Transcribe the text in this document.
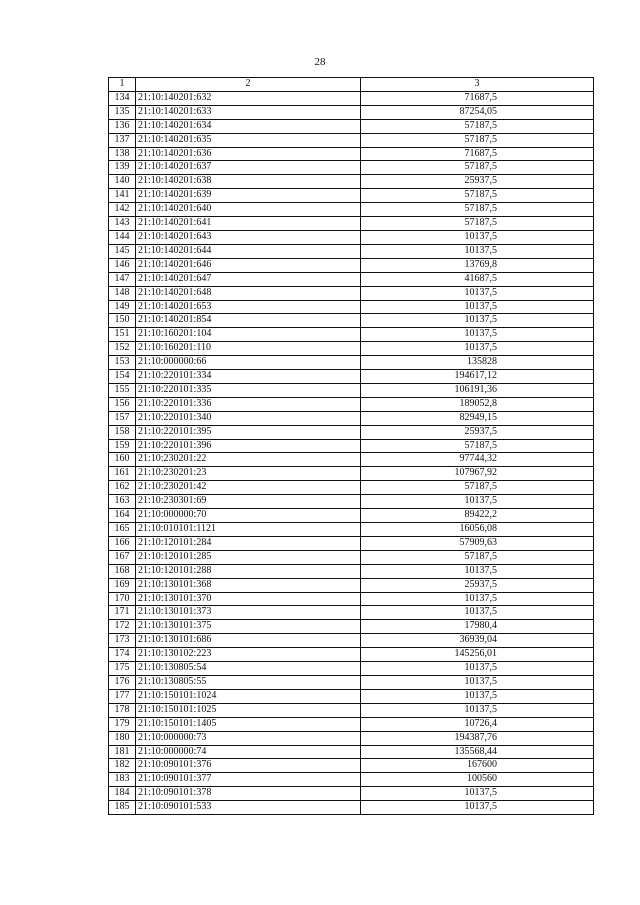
28
1	2	3
134	21:10:140201:632	71687,5
135	21:10:140201:633	87254,05
136	21:10:140201:634	57187,5
137	21:10:140201:635	57187,5
138	21:10:140201:636	71687,5
139	21:10:140201:637	57187,5
140	21:10:140201:638	25937,5
141	21:10:140201:639	57187,5
142	21:10:140201:640	57187,5
143	21:10:140201:641	57187,5
144	21:10:140201:643	10137,5
145	21:10:140201:644	10137,5
146	21:10:140201:646	13769,8
147	21:10:140201:647	41687,5
148	21:10:140201:648	10137,5
149	21:10:140201:653	10137,5
150	21:10:140201:854	10137,5
151	21:10:160201:104	10137,5
152	21:10:160201:110	10137,5
153	21:10:000000:66	135828
154	21:10:220101:334	194617,12
155	21:10:220101:335	106191,36
156	21:10:220101:336	189052,8
157	21:10:220101:340	82949,15
158	21:10:220101:395	25937,5
159	21:10:220101:396	57187,5
160	21:10:230201:22	97744,32
161	21:10:230201:23	107967,92
162	21:10:230201:42	57187,5
163	21:10:230301:69	10137,5
164	21:10:000000:70	89422,2
165	21:10:010101:1121	16056,08
166	21:10:120101:284	57909,63
167	21:10:120101:285	57187,5
168	21:10:120101:288	10137,5
169	21:10:130101:368	25937,5
170	21:10:130101:370	10137,5
171	21:10:130101:373	10137,5
172	21:10:130101:375	17980,4
173	21:10:130101:686	36939,04
174	21:10:130102:223	145256,01
175	21:10:130805:54	10137,5
176	21:10:130805:55	10137,5
177	21:10:150101:1024	10137,5
178	21:10:150101:1025	10137,5
179	21:10:150101:1405	10726,4
180	21:10:000000:73	194387,76
181	21:10:000000:74	135568,44
182	21:10:090101:376	167600
183	21:10:090101:377	100560
184	21:10:090101:378	10137,5
185	21:10:090101:533	10137,5
